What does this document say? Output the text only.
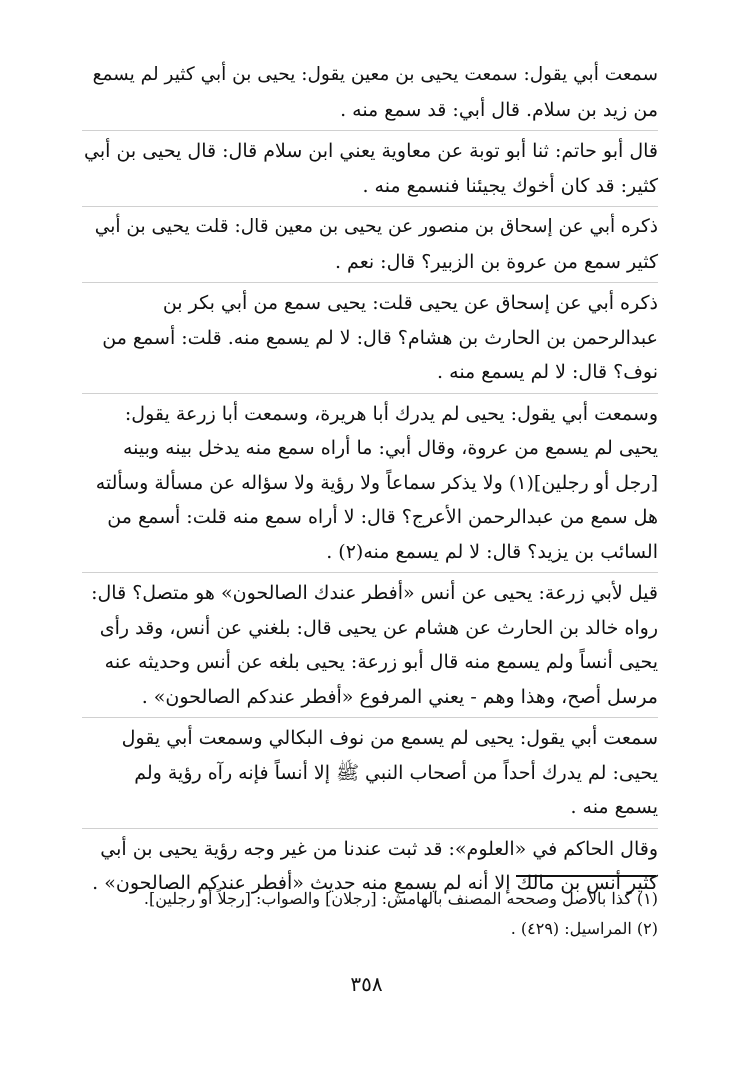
سمعت أبي يقول: سمعت يحيى بن معين يقول: يحيى بن أبي كثير لم يسمع
من زيد بن سلام. قال أبي: قد سمع منه .
قال أبو حاتم: ثنا أبو توبة عن معاوية يعني ابن سلام قال: قال يحيى بن أبي
كثير: قد كان أخوك يجيئنا فنسمع منه .
ذكره أبي عن إسحاق بن منصور عن يحيى بن معين قال: قلت يحيى بن أبي
كثير سمع من عروة بن الزبير؟ قال: نعم .
ذكره أبي عن إسحاق عن يحيى قلت: يحيى سمع من أبي بكر بن
عبدالرحمن بن الحارث بن هشام؟ قال: لا لم يسمع منه. قلت: أسمع من
نوف؟ قال: لا لم يسمع منه .
وسمعت أبي يقول: يحيى لم يدرك أبا هريرة، وسمعت أبا زرعة يقول:
يحيى لم يسمع من عروة، وقال أبي: ما أراه سمع منه يدخل بينه وبينه
[رجل أو رجلين](١) ولا يذكر سماعاً ولا رؤية ولا سؤاله عن مسألة وسألته
هل سمع من عبدالرحمن الأعرج؟ قال: لا أراه سمع منه قلت: أسمع من
السائب بن يزيد؟ قال: لا لم يسمع منه(٢) .
قيل لأبي زرعة: يحيى عن أنس «أفطر عندك الصالحون» هو متصل؟ قال:
رواه خالد بن الحارث عن هشام عن يحيى قال: بلغني عن أنس، وقد رأى
يحيى أنساً ولم يسمع منه قال أبو زرعة: يحيى بلغه عن أنس وحديثه عنه
مرسل أصح، وهذا وهم - يعني المرفوع «أفطر عندكم الصالحون» .
سمعت أبي يقول: يحيى لم يسمع من نوف البكالي وسمعت أبي يقول
يحيى: لم يدرك أحداً من أصحاب النبي ﷺ إلا أنساً فإنه رآه رؤية ولم
يسمع منه .
وقال الحاكم في «العلوم»: قد ثبت عندنا من غير وجه رؤية يحيى بن أبي
كثير أنس بن مالك إلا أنه لم يسمع منه حديث «أفطر عندكم الصالحون» .
(١) كذا بالأصل وصححه المصنف بالهامش: [رجلان] والصواب: [رجلاً أو رجلين].
(٢) المراسيل: (٤٢٩) .
٣٥٨
